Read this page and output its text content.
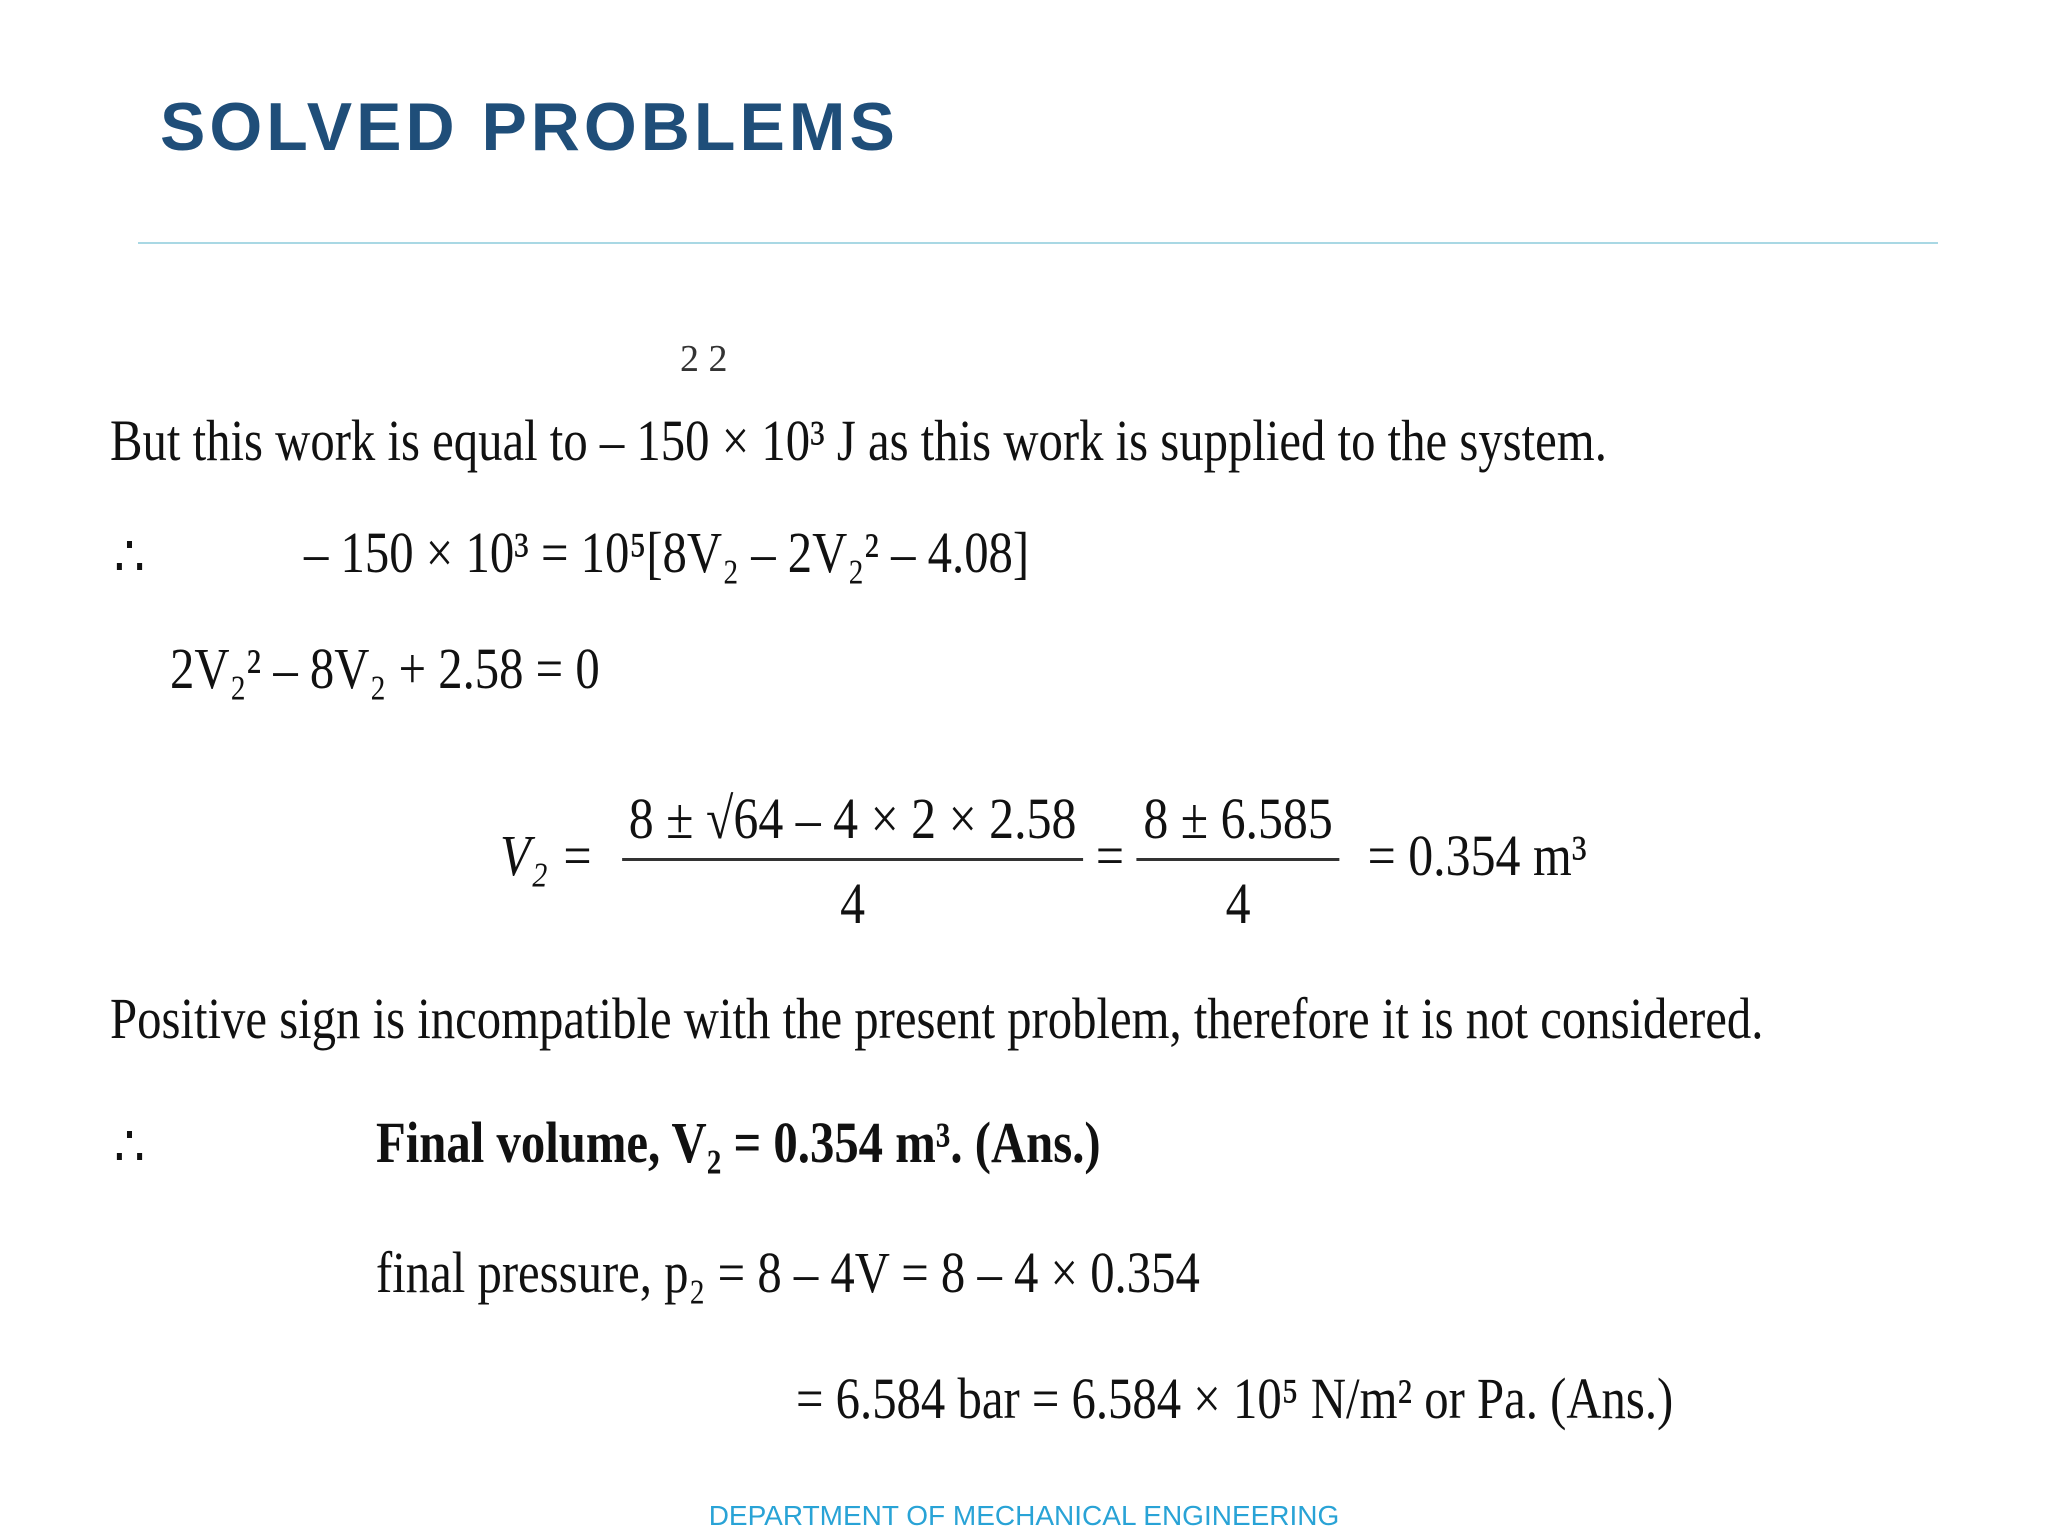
SOLVED PROBLEMS
2 2
But this work is equal to – 150 × 10³ J as this work is supplied to the system.
∴	– 150 × 10³ = 10⁵[8V₂ – 2V₂² – 4.08]
2V₂² – 8V₂ + 2.58 = 0
$V_2 = \frac{8 \pm √64 - 4 \times 2 \times 2.58}{4} = \frac{8 \pm 6.585}{4} = 0.354$ m³
Positive sign is incompatible with the present problem, therefore it is not considered.
∴	Final volume, V₂ = 0.354 m³. (Ans.)
final pressure, p₂ = 8 – 4V = 8 – 4 × 0.354
= 6.584 bar = 6.584 × 10⁵ N/m² or Pa. (Ans.)
DEPARTMENT OF MECHANICAL ENGINEERING
